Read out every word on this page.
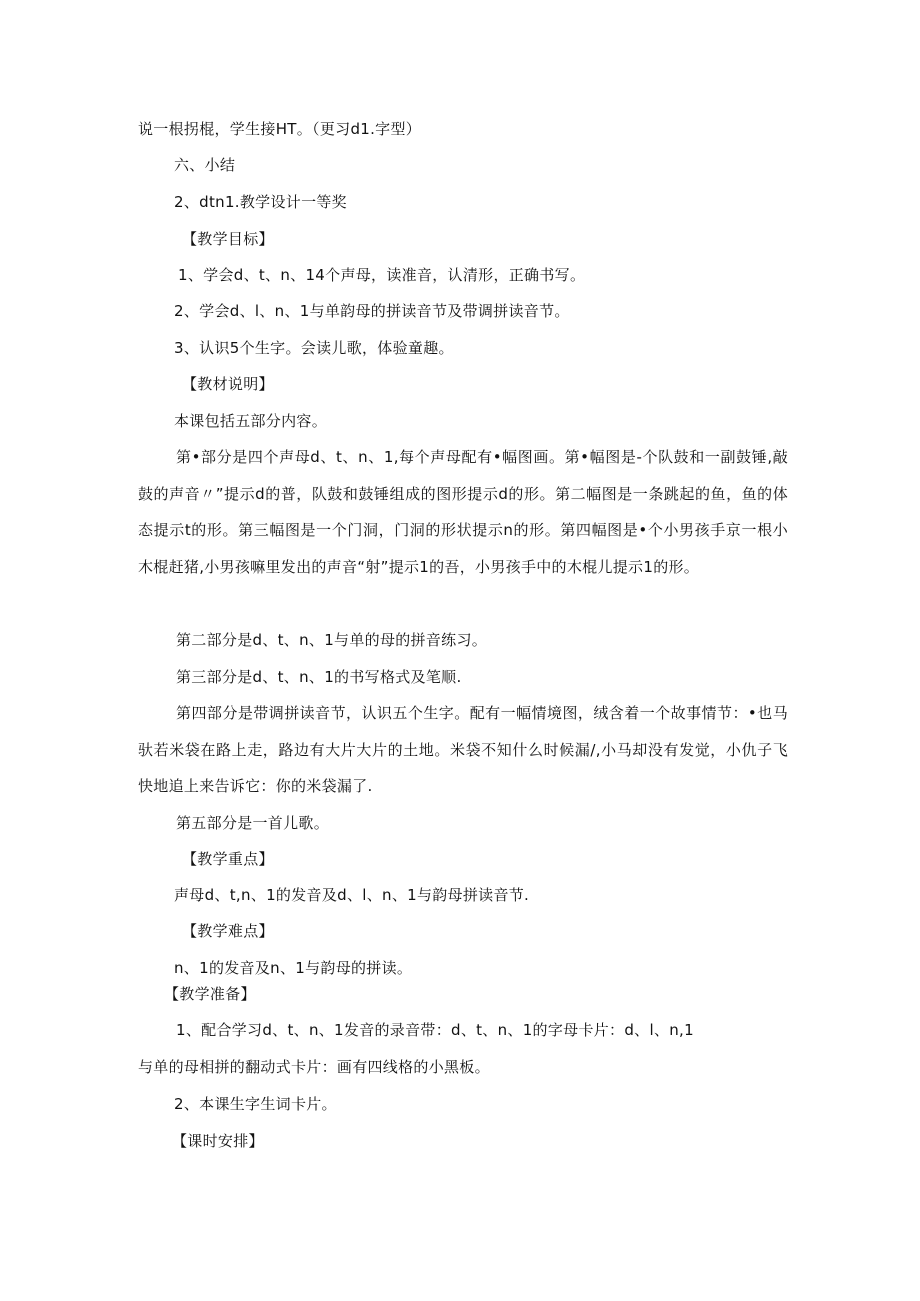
说一根拐棍，学生接HT。（更习d1.字型）
六、小结
2、dtn1.教学设计一等奖
【教学目标】
1、学会d、t、n、14个声母，读准音，认清形，正确书写。
2、学会d、l、n、1与单韵母的拼读音节及带调拼读音节。
3、认识5个生字。会读儿歌，体验童趣。
【教材说明】
本课包括五部分内容。
第•部分是四个声母d、t、n、1,每个声母配有•幅图画。第•幅图是-个队鼓和一副鼓锤,敲鼓的声音〃”提示d的普，队鼓和鼓锤组成的图形提示d的形。第二幅图是一条跳起的鱼，鱼的体态提示t的形。第三幅图是一个门洞，门洞的形状提示n的形。第四幅图是•个小男孩手京一根小木棍赶猪,小男孩嘛里发出的声音“射”提示1的吾，小男孩手中的木棍儿提示1的形。
第二部分是d、t、n、1与单的母的拼音练习。
第三部分是d、t、n、1的书写格式及笔顺.
第四部分是带调拼读音节，认识五个生字。配有一幅情境图，绒含着一个故事情节：•也马驮若米袋在路上走，路边有大片大片的土地。米袋不知什么时候漏/,小马却没有发觉，小仇子飞快地追上来告诉它：你的米袋漏了.
第五部分是一首儿歌。
【教学重点】
声母d、t,n、1的发音及d、l、n、1与韵母拼读音节.
【教学难点】
n、1的发音及n、1与韵母的拼读。
【教学准备】
1、配合学习d、t、n、1发音的录音带：d、t、n、1的字母卡片：d、l、n,1与单的母相拼的翻动式卡片：画有四线格的小黑板。
2、本课生字生词卡片。
【课时安排】
